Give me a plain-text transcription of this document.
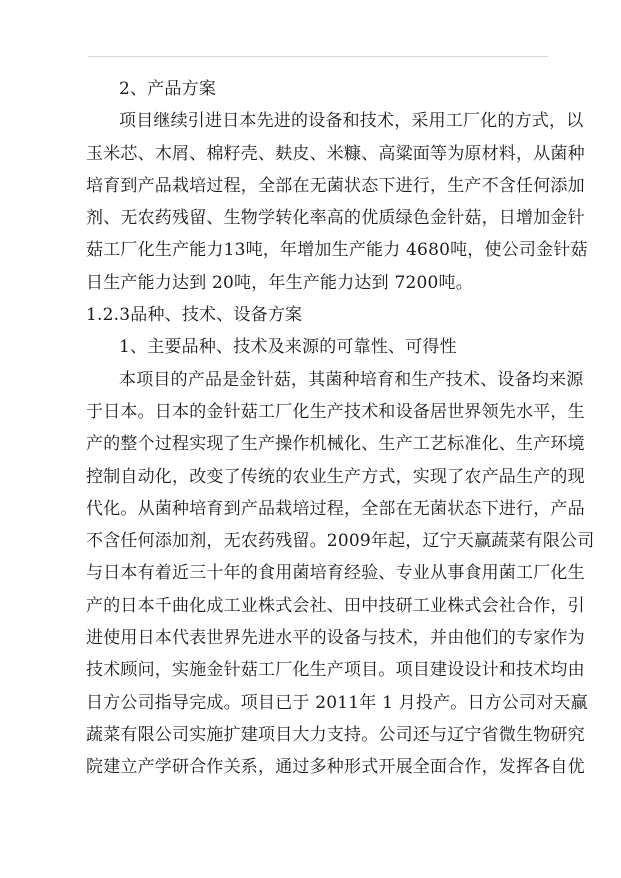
2、产品方案
项目继续引进日本先进的设备和技术，采用工厂化的方式，以
玉米芯、木屑、棉籽壳、麸皮、米糠、高粱面等为原材料，从菌种
培育到产品栽培过程，全部在无菌状态下进行，生产不含任何添加
剂、无农药残留、生物学转化率高的优质绿色金针菇，日增加金针
菇工厂化生产能力13吨，年增加生产能力 4680吨，使公司金针菇
日生产能力达到 20吨，年生产能力达到 7200吨。
1.2.3品种、技术、设备方案
1、主要品种、技术及来源的可靠性、可得性
本项目的产品是金针菇，其菌种培育和生产技术、设备均来源
于日本。日本的金针菇工厂化生产技术和设备居世界领先水平，生
产的整个过程实现了生产操作机械化、生产工艺标准化、生产环境
控制自动化，改变了传统的农业生产方式，实现了农产品生产的现
代化。从菌种培育到产品栽培过程，全部在无菌状态下进行，产品
不含任何添加剂，无农药残留。2009年起，辽宁天赢蔬菜有限公司
与日本有着近三十年的食用菌培育经验、专业从事食用菌工厂化生
产的日本千曲化成工业株式会社、田中技研工业株式会社合作，引
进使用日本代表世界先进水平的设备与技术，并由他们的专家作为
技术顾问，实施金针菇工厂化生产项目。项目建设设计和技术均由
日方公司指导完成。项目已于 2011年 1 月投产。日方公司对天赢
蔬菜有限公司实施扩建项目大力支持。公司还与辽宁省微生物研究
院建立产学研合作关系，通过多种形式开展全面合作，发挥各自优
